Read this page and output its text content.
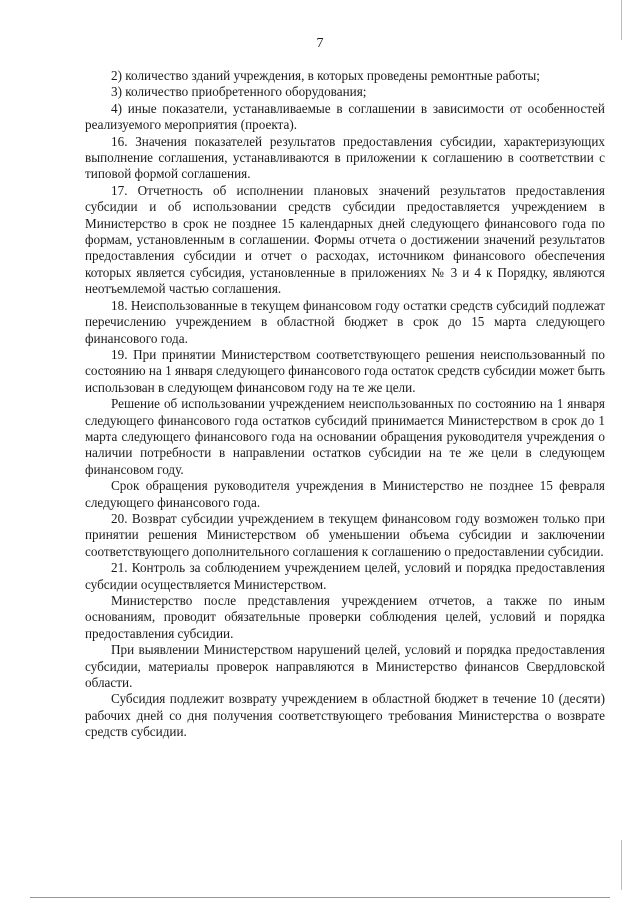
7

2) количество зданий учреждения, в которых проведены ремонтные работы;

3) количество приобретенного оборудования;

4) иные показатели, устанавливаемые в соглашении в зависимости от особенностей реализуемого мероприятия (проекта).

16. Значения показателей результатов предоставления субсидии, характеризующих выполнение соглашения, устанавливаются в приложении к соглашению в соответствии с типовой формой соглашения.

17. Отчетность об исполнении плановых значений результатов предоставления субсидии и об использовании средств субсидии предоставляется учреждением в Министерство в срок не позднее 15 календарных дней следующего финансового года по формам, установленным в соглашении. Формы отчета о достижении значений результатов предоставления субсидии и отчет о расходах, источником финансового обеспечения которых является субсидия, установленные в приложениях № 3 и 4 к Порядку, являются неотъемлемой частью соглашения.

18. Неиспользованные в текущем финансовом году остатки средств субсидий подлежат перечислению учреждением в областной бюджет в срок до 15 марта следующего финансового года.

19. При принятии Министерством соответствующего решения неиспользованный по состоянию на 1 января следующего финансового года остаток средств субсидии может быть использован в следующем финансовом году на те же цели.

Решение об использовании учреждением неиспользованных по состоянию на 1 января следующего финансового года остатков субсидий принимается Министерством в срок до 1 марта следующего финансового года на основании обращения руководителя учреждения о наличии потребности в направлении остатков субсидии на те же цели в следующем финансовом году.

Срок обращения руководителя учреждения в Министерство не позднее 15 февраля следующего финансового года.

20. Возврат субсидии учреждением в текущем финансовом году возможен только при принятии решения Министерством об уменьшении объема субсидии и заключении соответствующего дополнительного соглашения к соглашению о предоставлении субсидии.

21. Контроль за соблюдением учреждением целей, условий и порядка предоставления субсидии осуществляется Министерством.

Министерство после представления учреждением отчетов, а также по иным основаниям, проводит обязательные проверки соблюдения целей, условий и порядка предоставления субсидии.

При выявлении Министерством нарушений целей, условий и порядка предоставления субсидии, материалы проверок направляются в Министерство финансов Свердловской области.

Субсидия подлежит возврату учреждением в областной бюджет в течение 10 (десяти) рабочих дней со дня получения соответствующего требования Министерства о возврате средств субсидии.
